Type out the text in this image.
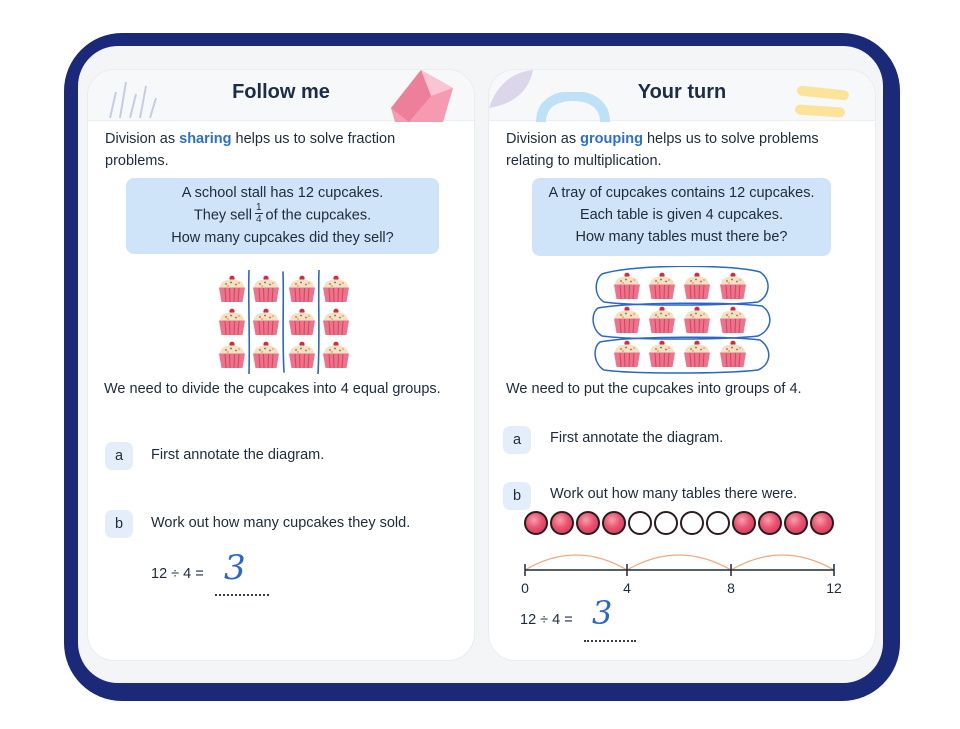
Follow me
Division as sharing helps us to solve fraction problems.
A school stall has 12 cupcakes.
They sell $\frac{1}{4}$ of the cupcakes.
How many cupcakes did they sell?
We need to divide the cupcakes into 4 equal groups.
a	First annotate the diagram.
b	Work out how many cupcakes they sold.
12 ÷ 4 = 3
Your turn
Division as grouping helps us to solve problems relating to multiplication.
A tray of cupcakes contains 12 cupcakes.
Each table is given 4 cupcakes.
How many tables must there be?
We need to put the cupcakes into groups of 4.
a	First annotate the diagram.
b	Work out how many tables there were.
0	4	8	12
12 ÷ 4 = 3
